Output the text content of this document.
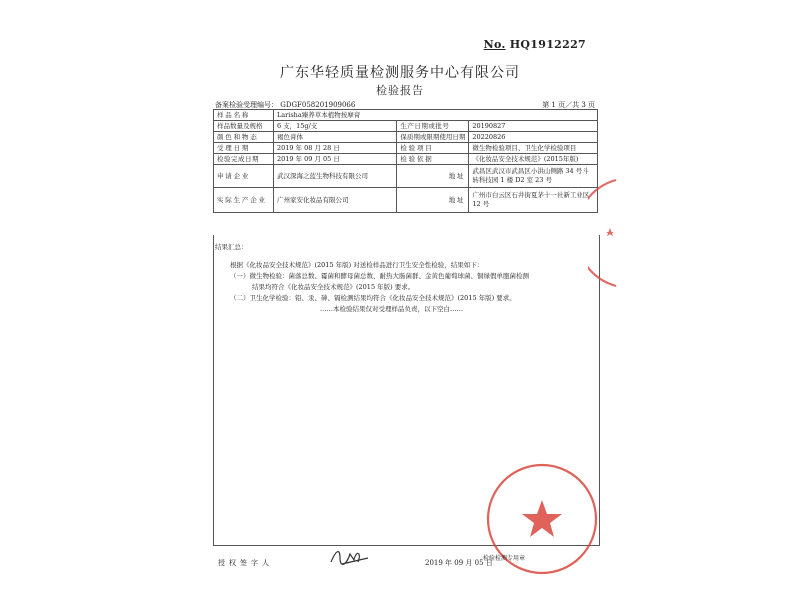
No. HQ1912227
广东华轻质量检测服务中心有限公司
检验报告
备案检验受理编号： GDGF058201909066	第 1 页／共 3 页
样品名称	Larisha臻养草本植物按摩膏		
样品数量及规格	6 支，15g/支	生产日期或批号	20190827
颜色和物态	褐色膏体	保质期或限期使用日期	20220826
受理日期	2019 年 08 月 28 日	检验项目	微生物检验项目、卫生化学检验项目
检验完成日期	2019 年 09 月 05 日	检验依据	《化妆品安全技术规范》(2015年版)
申请企业	武汉深海之蓝生物科技有限公司	地址	武昌区武汉市武昌区小洪山侧路 34 号斗转科技园 1 楼 D2 室 23 号
实际生产企业	广州家安化妆品有限公司	地址	广州市白云区石井街夏茅十一社新工业区 12 号
结果汇总：
根据《化妆品安全技术规范》(2015 年版) 对送检样品进行卫生安全性检验，结果如下：
（一）微生物检验：菌落总数、霉菌和酵母菌总数、耐热大肠菌群、金黄色葡萄球菌、铜绿假单胞菌检测
结果均符合《化妆品安全技术规范》(2015 年版) 要求。
（二）卫生化学检验：铅、汞、砷、镉检测结果均符合《化妆品安全技术规范》(2015 年版) 要求。
……本检验结果仅对受理样品负责，以下空白……
授权签字人	2019 年 09 月 05 日
检验检测专用章
